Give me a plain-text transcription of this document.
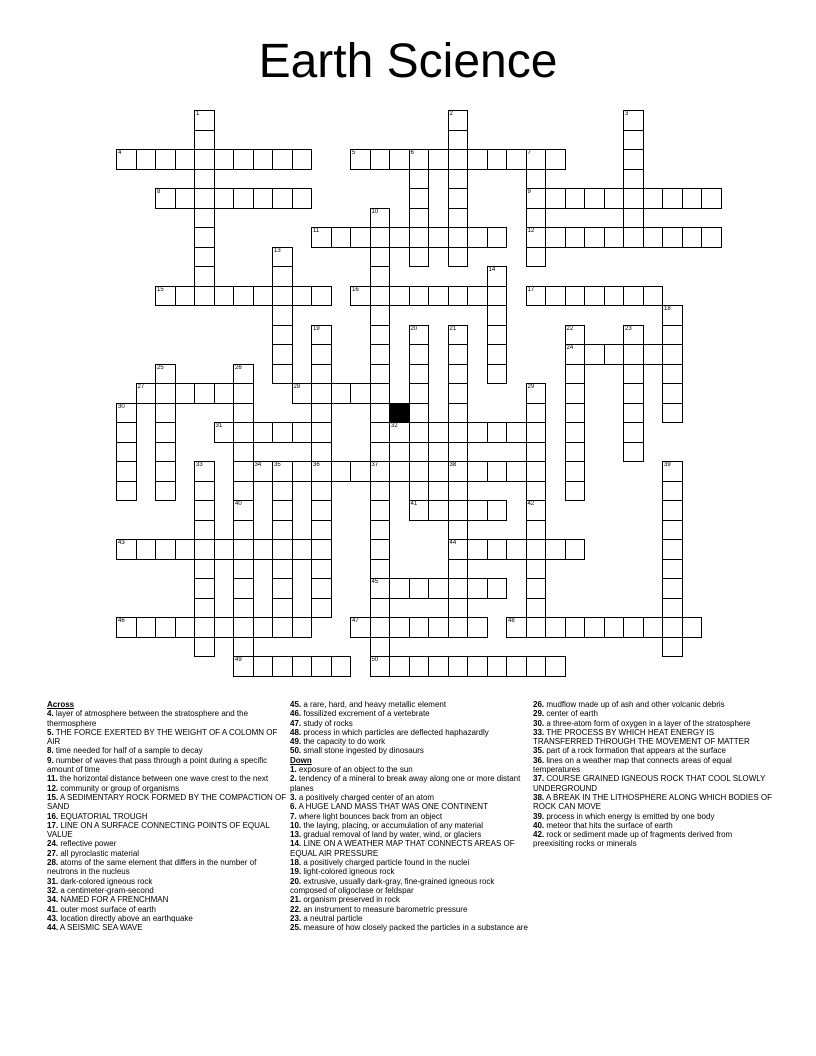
Earth Science
1	2	3
4	5	6	7
9
12
8
10
11
13
14
15	16	17
18
19
36
20
41
21
38
22
24
23
25	26
40
49
27	28	29
42
30
31	32
33	34 35	37
45
50
44
39
43
46	47	48

Across

4. layer of atmosphere between the stratosphere and the thermosphere

5. THE FORCE EXERTED BY THE WEIGHT OF A COLOMN OF AIR

8. time needed for half of a sample to decay

9. number of waves that pass through a point during a specific amount of time

11. the horizontal distance between one wave crest to the next

12. community or group of organisms

15. A SEDIMENTARY ROCK FORMED BY THE COMPACTION OF SAND

16. EQUATORIAL TROUGH

17. LINE ON A SURFACE CONNECTING POINTS OF EQUAL VALUE

24. reflective power

27. all pyroclastic material

28. atoms of the same element that differs in the number of neutrons in the nucleus

31. dark-colored igneous rock

32. a centimeter-gram-second

34. NAMED FOR A FRENCHMAN

41. outer most surface of earth

43. location directly above an earthquake

44. A SEISMIC SEA WAVE

45. a rare, hard, and heavy metallic element

46. fossilized excrement of a vertebrate

47. study of rocks

48. process in which particles are deflected haphazardly

49. the capacity to do work

50. small stone ingested by dinosaurs

Down

1. exposure of an object to the sun

2. tendency of a mineral to break away along one or more distant planes

3. a positively charged center of an atom

6. A HUGE LAND MASS THAT WAS ONE CONTINENT

7. where light bounces back from an object

10. the laying, placing, or accumulation of any material

13. gradual removal of land by water, wind, or glaciers

14. LINE ON A WEATHER MAP THAT CONNECTS AREAS OF EQUAL AIR PRESSURE

18. a positively charged particle found in the nuclei

19. light-colored igneous rock

20. extrusive, usually dark-gray, fine-grained igneous rock composed of oligoclase or feldspar

21. organism preserved in rock

22. an instrument to measure barometric pressure

23. a neutral particle

25. measure of how closely packed the particles in a substance are

26. mudflow made up of ash and other volcanic debris

29. center of earth

30. a three-atom form of oxygen in a layer of the stratosphere

33. THE PROCESS BY WHICH HEAT ENERGY IS TRANSFERRED THROUGH THE MOVEMENT OF MATTER

35. part of a rock formation that appears at the surface

36. lines on a weather map that connects areas of equal temperatures

37. COURSE GRAINED IGNEOUS ROCK THAT COOL SLOWLY UNDERGROUND

38. A BREAK IN THE LITHOSPHERE ALONG WHICH BODIES OF ROCK CAN MOVE

39. process in which energy is emitted by one body

40. meteor that hits the surface of earth

42. rock or sediment made up of fragments derived from preexisiting rocks or minerals
